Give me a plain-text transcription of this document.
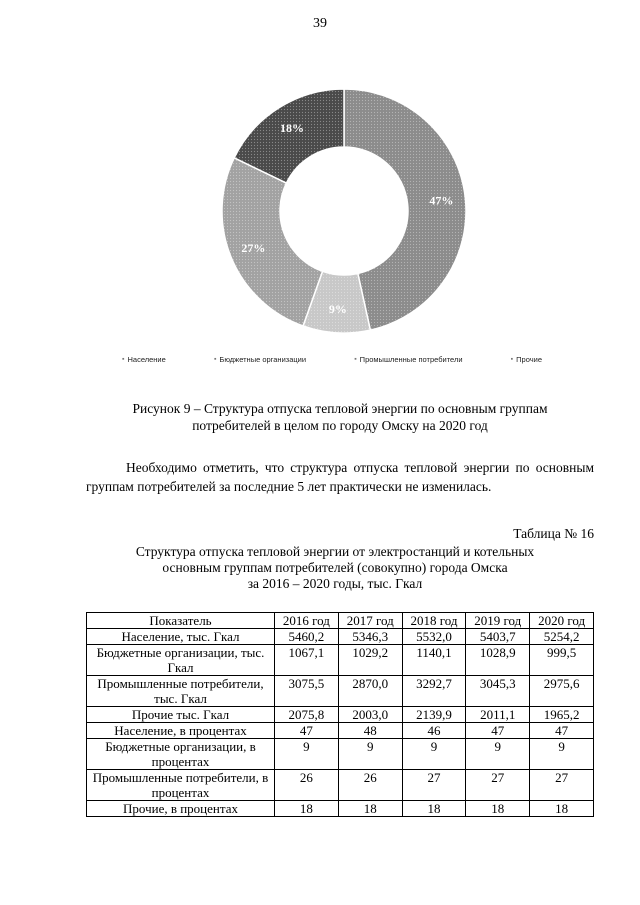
39
47%
9%
27%
18%
▪ Население	▪ Бюджетные организации	▪ Промышленные потребители	▪ Прочие
Рисунок 9 – Структура отпуска тепловой энергии по основным группам
потребителей в целом по городу Омску на 2020 год
Необходимо отметить, что структура отпуска тепловой энергии по основным группам потребителей за последние 5 лет практически не изменилась.
Таблица № 16
Структура отпуска тепловой энергии от электростанций и котельных
основным группам потребителей (совокупно) города Омска
за 2016 – 2020 годы, тыс. Гкал
Показатель	2016 год	2017 год	2018 год	2019 год	2020 год
Население, тыс. Гкал	5460,2	5346,3	5532,0	5403,7	5254,2
Бюджетные организации, тыс. Гкал	1067,1	1029,2	1140,1	1028,9	999,5
Промышленные потребители, тыс. Гкал	3075,5	2870,0	3292,7	3045,3	2975,6
Прочие тыс. Гкал	2075,8	2003,0	2139,9	2011,1	1965,2
Население, в процентах	47	48	46	47	47
Бюджетные организации, в процентах	9	9	9	9	9
Промышленные потребители, в процентах	26	26	27	27	27
Прочие, в процентах	18	18	18	18	18
